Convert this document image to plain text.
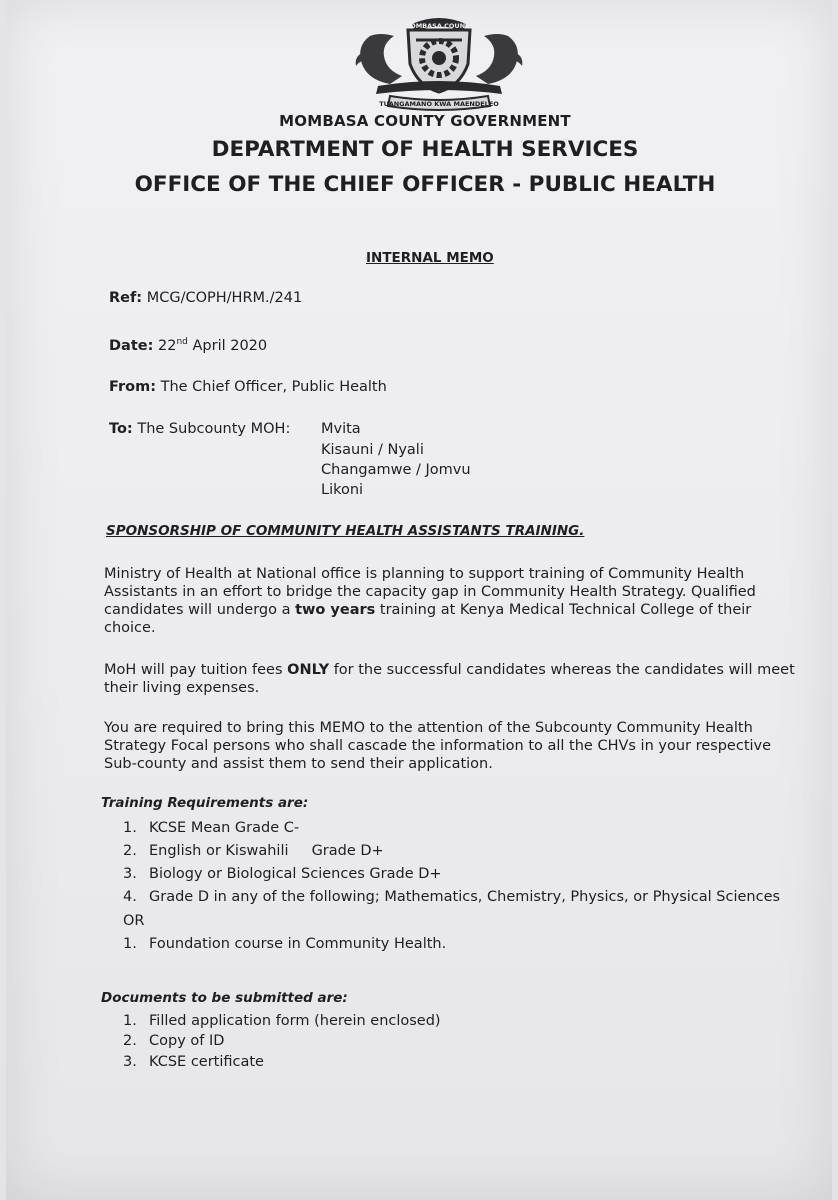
MOMBASA COUNTY
TUANGAMANO KWA MAENDELEO
MOMBASA COUNTY GOVERNMENT
DEPARTMENT OF HEALTH SERVICES
OFFICE OF THE CHIEF OFFICER - PUBLIC HEALTH
INTERNAL MEMO
Ref: MCG/COPH/HRM./241
Date: 22nd April 2020
From: The Chief Officer, Public Health
To: The Subcounty MOH: Mvita
Kisauni / Nyali
Changamwe / Jomvu
Likoni
SPONSORSHIP OF COMMUNITY HEALTH ASSISTANTS TRAINING.
Ministry of Health at National office is planning to support training of Community Health
Assistants in an effort to bridge the capacity gap in Community Health Strategy. Qualified
candidates will undergo a two years training at Kenya Medical Technical College of their
choice.
MoH will pay tuition fees ONLY for the successful candidates whereas the candidates will meet
their living expenses.
You are required to bring this MEMO to the attention of the Subcounty Community Health
Strategy Focal persons who shall cascade the information to all the CHVs in your respective
Sub-county and assist them to send their application.
Training Requirements are:
1. KCSE Mean Grade C-
2. English or Kiswahili     Grade D+
3. Biology or Biological Sciences Grade D+
4. Grade D in any of the following; Mathematics, Chemistry, Physics, or Physical Sciences
OR
1. Foundation course in Community Health.
Documents to be submitted are:
1. Filled application form (herein enclosed)
2. Copy of ID
3. KCSE certificate
